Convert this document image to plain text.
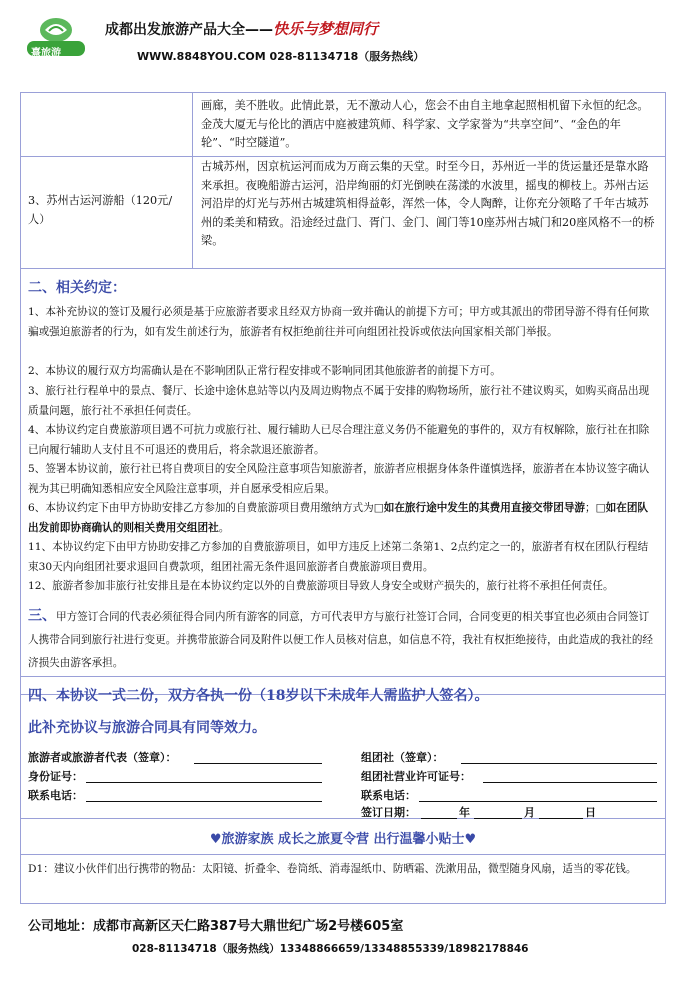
熹旅游
成都出发旅游产品大全——快乐与梦想同行
WWW.8848YOU.COM 028-81134718（服务热线）
画廊，美不胜收。此情此景，无不激动人心，您会不由自主地拿起照相机留下永恒的纪念。金茂大厦无与伦比的酒店中庭被建筑师、科学家、文学家誉为“共享空间”、“金色的年轮”、“时空隧道”。
3、苏州古运河游船（120元/人）
古城苏州，因京杭运河而成为万商云集的天堂。时至今日，苏州近一半的货运量还是靠水路来承担。夜晚船游古运河，沿岸绚丽的灯光倒映在荡漾的水波里，摇曳的柳枝上。苏州古运河沿岸的灯光与苏州古城建筑相得益彰，浑然一体，令人陶醉，让你充分领略了千年古城苏州的柔美和精致。沿途经过盘门、胥门、金门、阊门等10座苏州古城门和20座风格不一的桥梁。
二、相关约定：
1、本补充协议的签订及履行必须是基于应旅游者要求且经双方协商一致并确认的前提下方可；甲方或其派出的带团导游不得有任何欺骗或强迫旅游者的行为，如有发生前述行为，旅游者有权拒绝前往并可向组团社投诉或依法向国家相关部门举报。
2、本协议的履行双方均需确认是在不影响团队正常行程安排或不影响同团其他旅游者的前提下方可。
3、旅行社行程单中的景点、餐厅、长途中途休息站等以内及周边购物点不属于安排的购物场所，旅行社不建议购买，如购买商品出现质量问题，旅行社不承担任何责任。
4、本协议约定自费旅游项目遇不可抗力或旅行社、履行辅助人已尽合理注意义务仍不能避免的事件的，双方有权解除，旅行社在扣除已向履行辅助人支付且不可退还的费用后，将余款退还旅游者。
5、签署本协议前，旅行社已将自费项目的安全风险注意事项告知旅游者，旅游者应根据身体条件谨慎选择，旅游者在本协议签字确认视为其已明确知悉相应安全风险注意事项，并自愿承受相应后果。
6、本协议约定下由甲方协助安排乙方参加的自费旅游项目费用缴纳方式为□如在旅行途中发生的其费用直接交带团导游；□如在团队出发前即协商确认的则相关费用交组团社。
11、本协议约定下由甲方协助安排乙方参加的自费旅游项目，如甲方违反上述第二条第1、2点约定之一的，旅游者有权在团队行程结束30天内向组团社要求退回自费款项，组团社需无条件退回旅游者自费旅游项目费用。
12、旅游者参加非旅行社安排且是在本协议约定以外的自费旅游项目导致人身安全或财产损失的，旅行社将不承担任何责任。
三、甲方签订合同的代表必须征得合同内所有游客的同意，方可代表甲方与旅行社签订合同，合同变更的相关事宜也必须由合同签订人携带合同到旅行社进行变更。并携带旅游合同及附件以便工作人员核对信息，如信息不符，我社有权拒绝接待，由此造成的我社的经济损失由游客承担。
四、本协议一式二份，双方各执一份（18岁以下未成年人需监护人签名）。
此补充协议与旅游合同具有同等效力。
旅游者或旅游者代表（签章）：
身份证号：
联系电话：
组团社（签章）：
组团社营业许可证号：
联系电话：
签订日期：	年	月	日
♥旅游家族 成长之旅夏令营 出行温馨小贴士♥
D1：建议小伙伴们出行携带的物品：太阳镜、折叠伞、卷筒纸、消毒湿纸巾、防晒霜、洗漱用品，微型随身风扇，适当的零花钱。
公司地址：成都市高新区天仁路387号大鼎世纪广场2号楼605室
028-81134718（服务热线）13348866659/13348855339/18982178846
